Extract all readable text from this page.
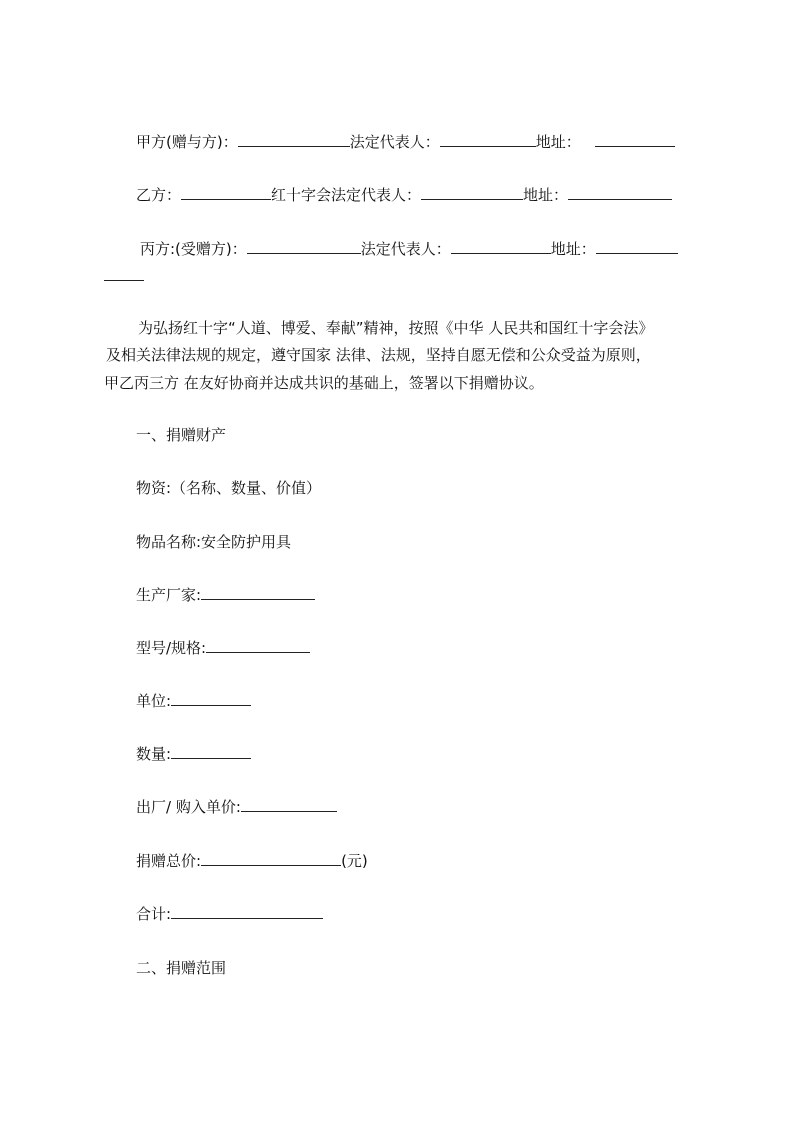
甲方(赠与方)：	法定代表人：	地址：
乙方：	红十字会法定代表人：	地址：
丙方:(受赠方)：	法定代表人：	地址：
为弘扬红十字“人道、博爱、奉献”精神，按照《中华 人民共和国红十字会法》
及相关法律法规的规定，遵守国家 法律、法规，坚持自愿无偿和公众受益为原则，
甲乙丙三方 在友好协商并达成共识的基础上，签署以下捐赠协议。
一、捐赠财产
物资:（名称、数量、价值）
物品名称:安全防护用具
生产厂家:
型号/规格:
单位:
数量:
出厂/ 购入单价:
捐赠总价:	(元)
合计:
二、捐赠范围
